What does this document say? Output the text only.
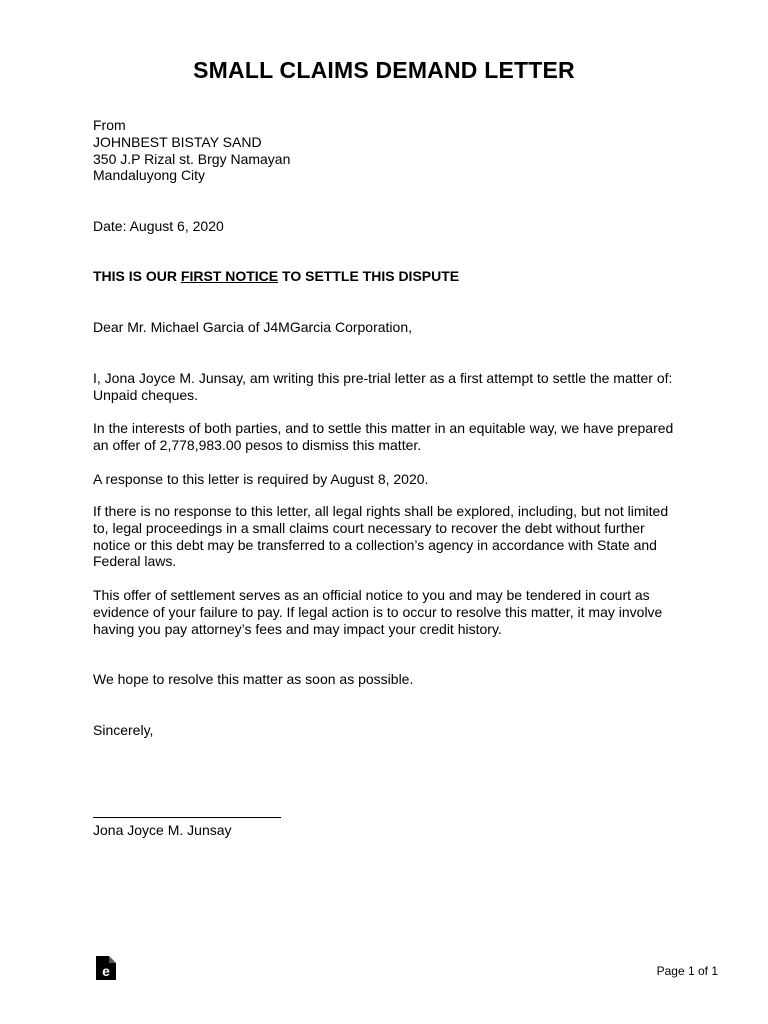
SMALL CLAIMS DEMAND LETTER

From

JOHNBEST BISTAY SAND

350 J.P Rizal st. Brgy Namayan

Mandaluyong City

Date: August 6, 2020
THIS IS OUR FIRST NOTICE TO SETTLE THIS DISPUTE
Dear Mr. Michael Garcia of J4MGarcia Corporation,
I, Jona Joyce M. Junsay, am writing this pre-trial letter as a first attempt to settle the matter of: Unpaid cheques.
In the interests of both parties, and to settle this matter in an equitable way, we have prepared an offer of 2,778,983.00 pesos to dismiss this matter.
A response to this letter is required by August 8, 2020.
If there is no response to this letter, all legal rights shall be explored, including, but not limited to, legal proceedings in a small claims court necessary to recover the debt without further notice or this debt may be transferred to a collection’s agency in accordance with State and Federal laws.
This offer of settlement serves as an official notice to you and may be tendered in court as evidence of your failure to pay. If legal action is to occur to resolve this matter, it may involve having you pay attorney’s fees and may impact your credit history.
We hope to resolve this matter as soon as possible.
Sincerely,
Jona Joyce M. Junsay
e	Page 1 of 1
